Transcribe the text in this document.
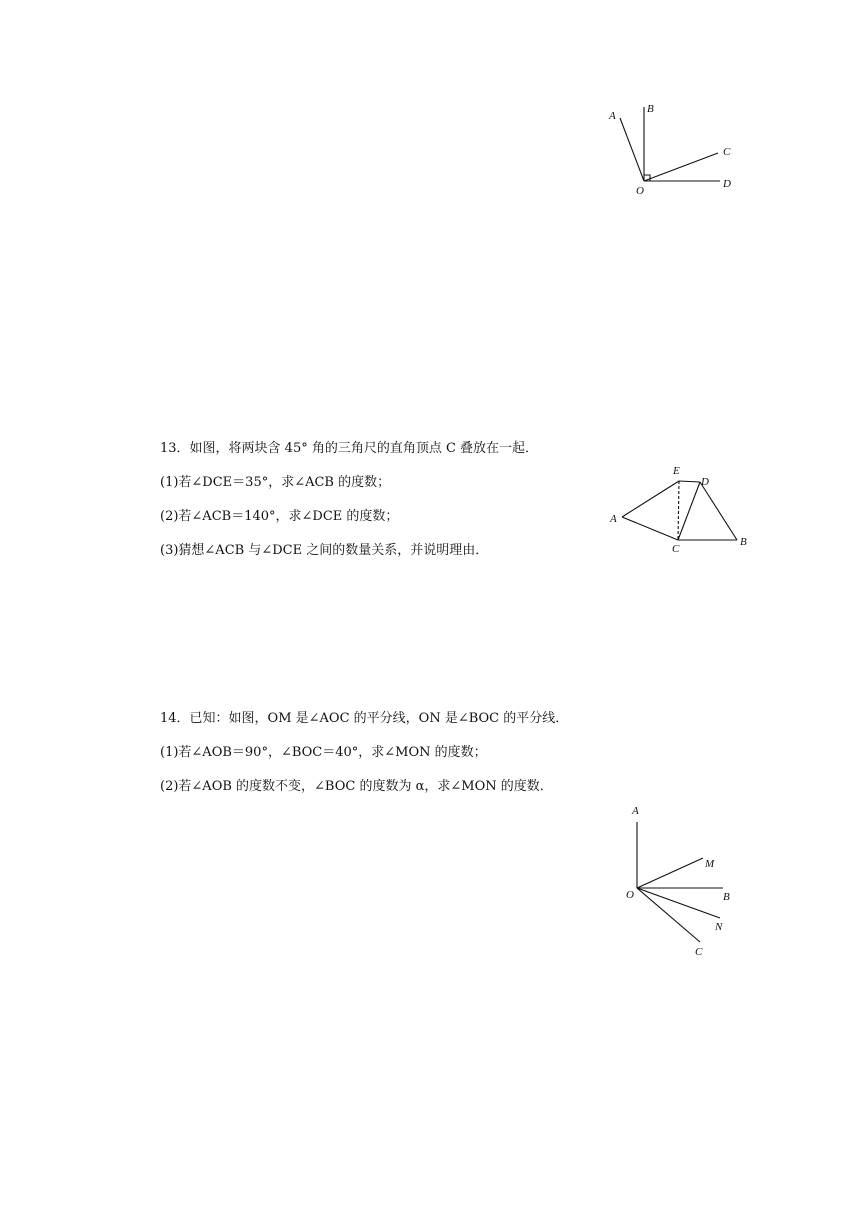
A
B
C
D
O
13．如图，将两块含 45° 角的三角尺的直角顶点 C 叠放在一起．
(1)若∠DCE＝35°，求∠ACB 的度数；
(2)若∠ACB＝140°，求∠DCE 的度数；
(3)猜想∠ACB 与∠DCE 之间的数量关系，并说明理由．
A
B
C
D
E
14．已知：如图，OM 是∠AOC 的平分线，ON 是∠BOC 的平分线．
(1)若∠AOB＝90°，∠BOC＝40°，求∠MON 的度数；
(2)若∠AOB 的度数不变，∠BOC 的度数为 α，求∠MON 的度数．
A
M
B
N
C
O
